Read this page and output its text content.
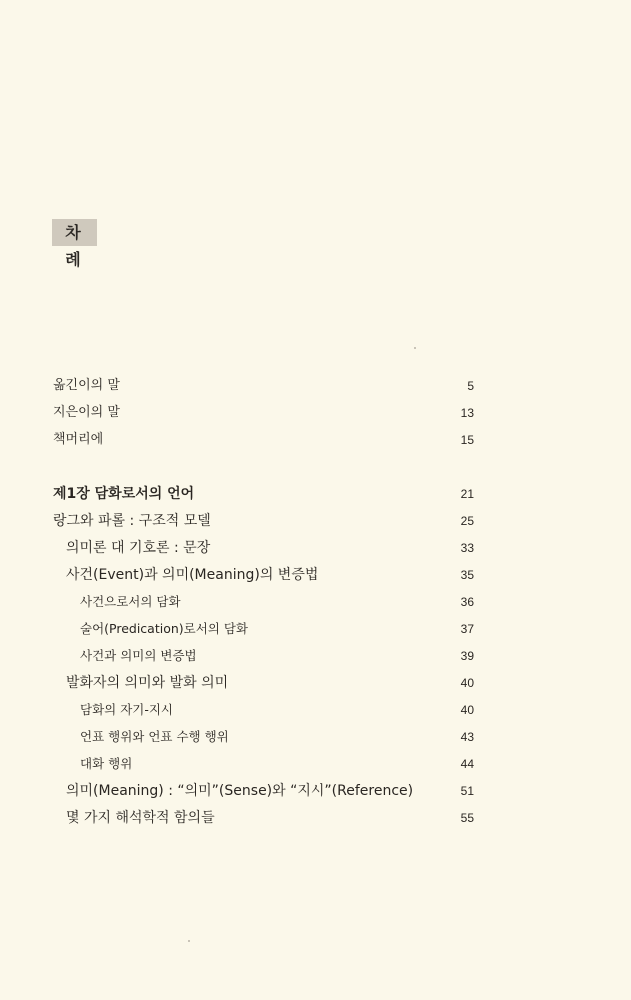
차 례
옮긴이의 말	5
지은이의 말	13
책머리에	15
제1장 담화로서의 언어	21
랑그와 파롤 : 구조적 모델	25
의미론 대 기호론 : 문장	33
사건(Event)과 의미(Meaning)의 변증법	35
사건으로서의 담화	36
술어(Predication)로서의 담화	37
사건과 의미의 변증법	39
발화자의 의미와 발화 의미	40
담화의 자기-지시	40
언표 행위와 언표 수행 행위	43
대화 행위	44
의미(Meaning) : “의미”(Sense)와 “지시”(Reference)	51
몇 가지 해석학적 함의들	55
